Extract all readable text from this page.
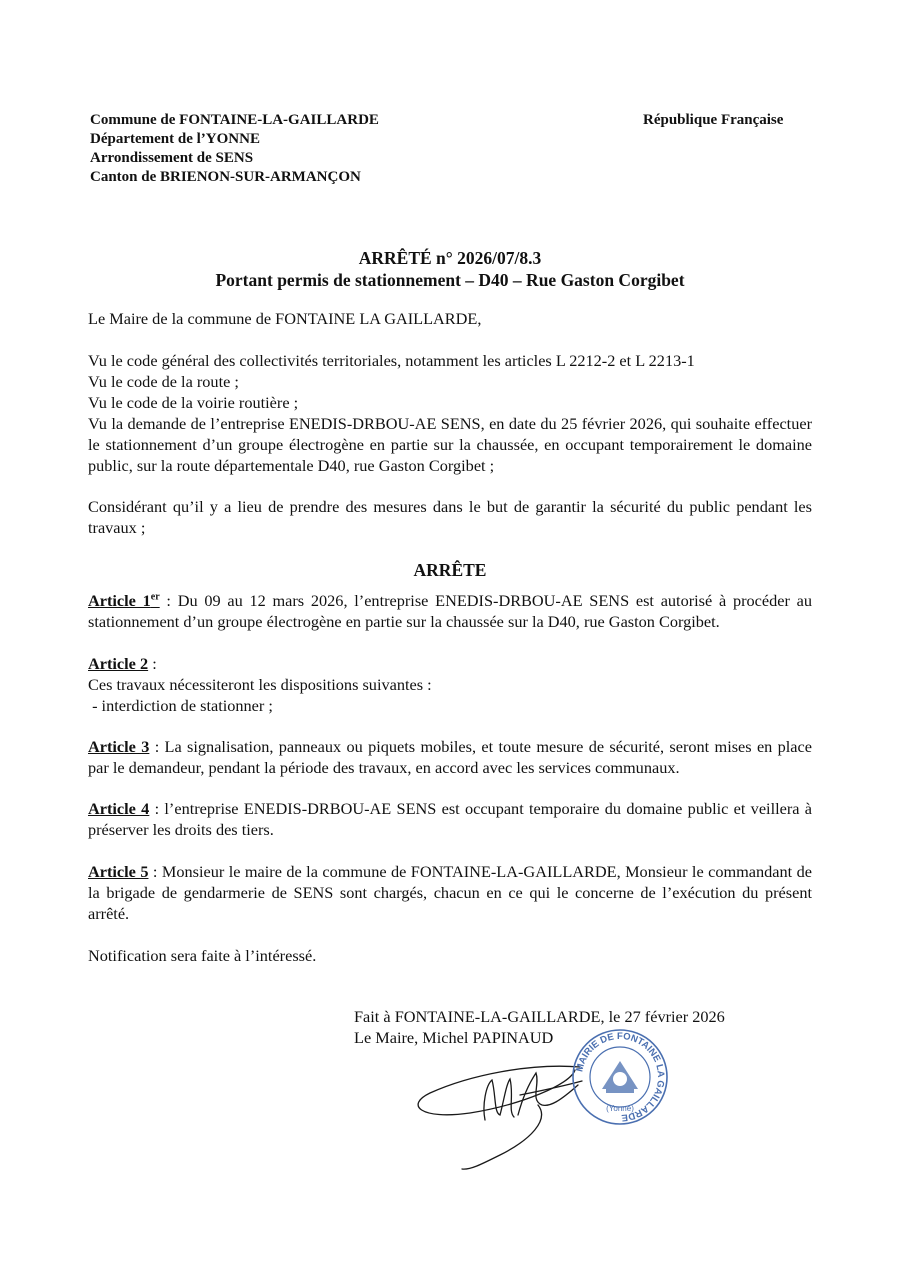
Commune de FONTAINE-LA-GAILLARDE
Département de l’YONNE
Arrondissement de SENS
Canton de BRIENON-SUR-ARMANÇON
République Française
ARRÊTÉ n° 2026/07/8.3
Portant permis de stationnement – D40 – Rue Gaston Corgibet
Le Maire de la commune de FONTAINE LA GAILLARDE,
Vu le code général des collectivités territoriales, notamment les articles L 2212-2 et L 2213-1
Vu le code de la route ;
Vu le code de la voirie routière ;
Vu la demande de l’entreprise ENEDIS-DRBOU-AE SENS, en date du 25 février 2026, qui souhaite effectuer le stationnement d’un groupe électrogène en partie sur la chaussée, en occupant temporairement le domaine public, sur la route départementale D40, rue Gaston Corgibet ;
Considérant qu’il y a lieu de prendre des mesures dans le but de garantir la sécurité du public pendant les travaux ;
ARRÊTE
Article 1er : Du 09 au 12 mars 2026, l’entreprise ENEDIS-DRBOU-AE SENS est autorisé à procéder au stationnement d’un groupe électrogène en partie sur la chaussée sur la D40, rue Gaston Corgibet.
Article 2 :
Ces travaux nécessiteront les dispositions suivantes :
- interdiction de stationner ;
Article 3 : La signalisation, panneaux ou piquets mobiles, et toute mesure de sécurité, seront mises en place par le demandeur, pendant la période des travaux, en accord avec les services communaux.
Article 4 : l’entreprise ENEDIS-DRBOU-AE SENS est occupant temporaire du domaine public et veillera à préserver les droits des tiers.
Article 5 : Monsieur le maire de la commune de FONTAINE-LA-GAILLARDE, Monsieur le commandant de la brigade de gendarmerie de SENS sont chargés, chacun en ce qui le concerne de l’exécution du présent arrêté.
Notification sera faite à l’intéressé.
Fait à FONTAINE-LA-GAILLARDE, le 27 février 2026
Le Maire, Michel PAPINAUD
MAIRIE DE FONTAINE LA GAILLARDE
(Yonne)
